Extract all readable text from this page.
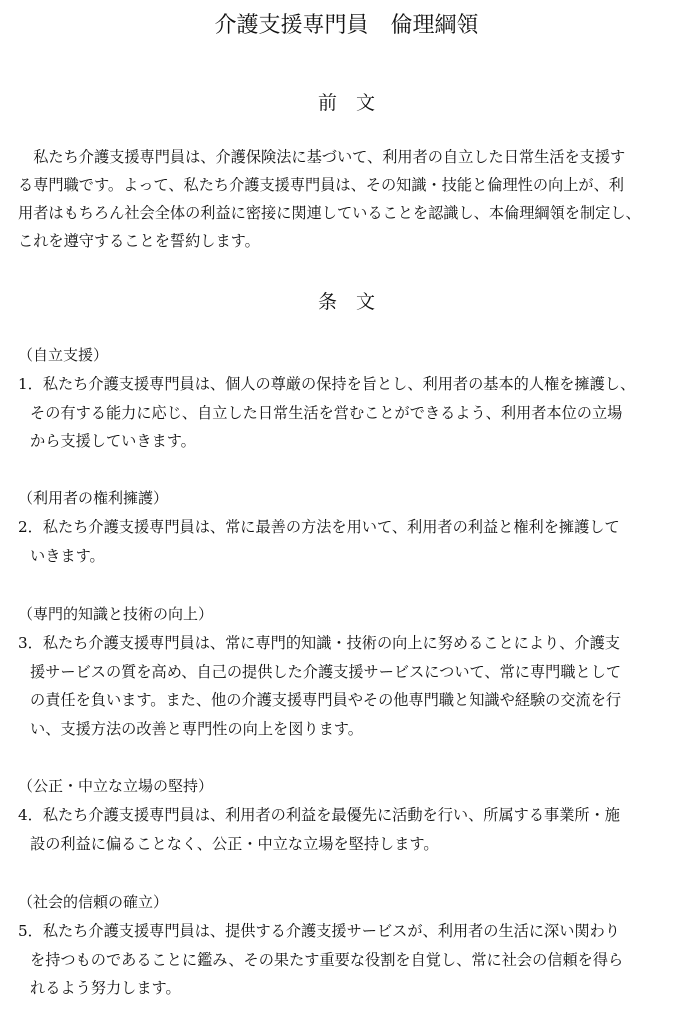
介護支援専門員　倫理綱領
前　文
　私たち介護支援専門員は、介護保険法に基づいて、利用者の自立した日常生活を支援す
る専門職です。よって、私たち介護支援専門員は、その知識・技能と倫理性の向上が、利
用者はもちろん社会全体の利益に密接に関連していることを認識し、本倫理綱領を制定し、
これを遵守することを誓約します。
条　文
（自立支援）
1．私たち介護支援専門員は、個人の尊厳の保持を旨とし、利用者の基本的人権を擁護し、
その有する能力に応じ、自立した日常生活を営むことができるよう、利用者本位の立場
から支援していきます。
（利用者の権利擁護）
2．私たち介護支援専門員は、常に最善の方法を用いて、利用者の利益と権利を擁護して
いきます。
（専門的知識と技術の向上）
3．私たち介護支援専門員は、常に専門的知識・技術の向上に努めることにより、介護支
援サービスの質を高め、自己の提供した介護支援サービスについて、常に専門職として
の責任を負います。また、他の介護支援専門員やその他専門職と知識や経験の交流を行
い、支援方法の改善と専門性の向上を図ります。
（公正・中立な立場の堅持）
4．私たち介護支援専門員は、利用者の利益を最優先に活動を行い、所属する事業所・施
設の利益に偏ることなく、公正・中立な立場を堅持します。
（社会的信頼の確立）
5．私たち介護支援専門員は、提供する介護支援サービスが、利用者の生活に深い関わり
を持つものであることに鑑み、その果たす重要な役割を自覚し、常に社会の信頼を得ら
れるよう努力します。
